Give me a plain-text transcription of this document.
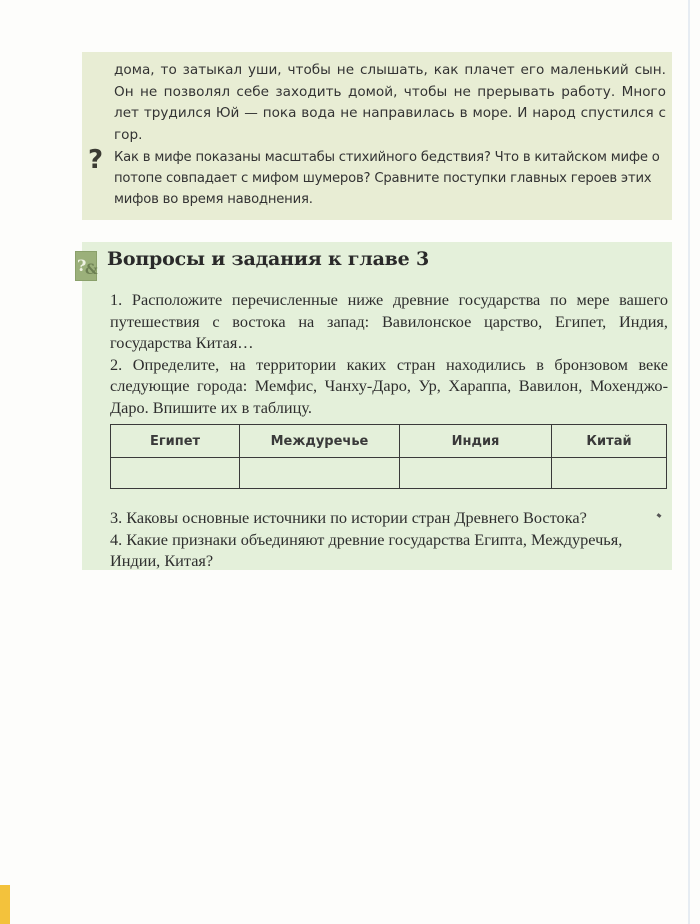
дома, то затыкал уши, чтобы не слышать, как плачет его маленький сын. Он не позволял себе заходить домой, чтобы не прерывать работу. Много лет трудился Юй — пока вода не направилась в море. И народ спустился с гор.
? Как в мифе показаны масштабы стихийного бедствия? Что в китайском мифе о потопе совпадает с мифом шумеров? Сравните поступки главных героев этих мифов во время наводнения.
?
& Вопросы и задания к главе 3

1. Расположите перечисленные ниже древние государства по мере вашего путешествия с востока на запад: Вавилонское царство, Египет, Индия, государства Китая…

2. Определите, на территории каких стран находились в бронзовом веке следующие города: Мемфис, Чанху-Даро, Ур, Хараппа, Вавилон, Мохенджо-Даро. Впишите их в таблицу.

Египет	Междуречье	Индия	Китай

3. Каковы основные источники по истории стран Древнего Востока?

4. Какие признаки объединяют древние государства Египта, Междуречья, Индии, Китая?
